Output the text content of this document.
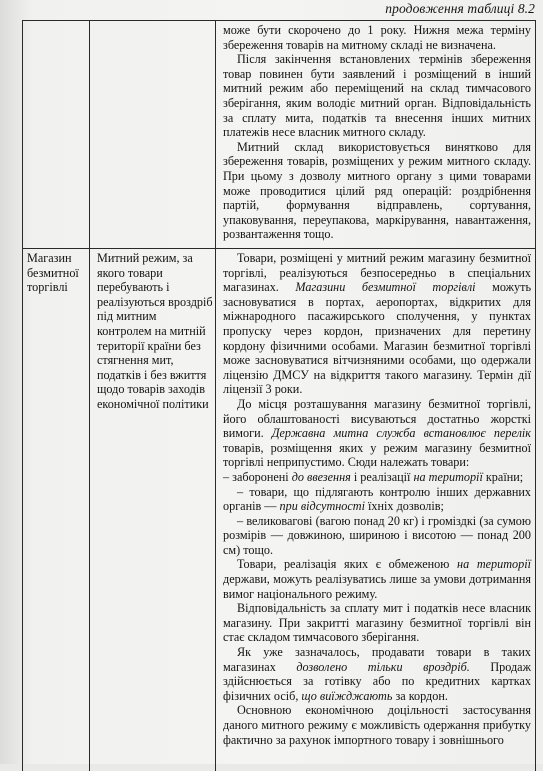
продовження таблиці 8.2

може бути скорочено до 1 року. Нижня межа терміну збереження товарів на митному складі не визначена.

Після закінчення встановлених термінів збереження товар повинен бути заявлений і розміщений в інший митний режим або переміщений на склад тимчасового зберігання, яким володіє митний орган. Відповідальність за сплату мита, податків та внесення інших митних платежів несе власник митного складу.

Митний склад використовується винятково для збереження товарів, розміщених у режим митного складу. При цьому з дозволу митного органу з цими товарами може проводитися цілий ряд операцій: роздрібнення партій, формування відправлень, сортування, упаковування, переупакова, маркірування, навантаження, розвантаження тощо.

Магазин безмитної торгівлі
Митний режим, за якого товари перебувають і реалізуються вроздріб під митним контролем на митній території країни без стягнення мит, податків і без вжиття щодо товарів заходів економічної політики

Товари, розміщені у митний режим магазину безмитної торгівлі, реалізуються безпосередньо в спеціальних магазинах. Магазини безмитної торгівлі можуть засновуватися в портах, аеропортах, відкритих для міжнародного пасажирського сполучення, у пунктах пропуску через кордон, призначених для перетину кордону фізичними особами. Магазин безмитної торгівлі може засновуватися вітчизняними особами, що одержали ліцензію ДМСУ на відкриття такого магазину. Термін дії ліцензії 3 роки.

До місця розташування магазину безмитної торгівлі, його облаштованості висуваються достатньо жорсткі вимоги. Державна митна служба встановлює перелік товарів, розміщення яких у режим магазину безмитної торгівлі неприпустимо. Сюди належать товари:

– заборонені до ввезення і реалізації на території країни;

– товари, що підлягають контролю інших державних органів — при відсутності їхніх дозволів;

– великовагові (вагою понад 20 кг) і громіздкі (за сумою розмірів — довжиною, шириною і висотою — понад 200 см) тощо.

Товари, реалізація яких є обмеженою на території держави, можуть реалізуватись лише за умови дотримання вимог національного режиму.

Відповідальність за сплату мит і податків несе власник магазину. При закритті магазину безмитної торгівлі він стає складом тимчасового зберігання.

Як уже зазначалось, продавати товари в таких магазинах дозволено тільки вроздріб. Продаж здійснюється за готівку або по кредитних картках фізичних осіб, що виїжджають за кордон.

Основною економічною доцільності застосування даного митного режиму є можливість одержання прибутку фактично за рахунок імпортного товару і зовнішнього
